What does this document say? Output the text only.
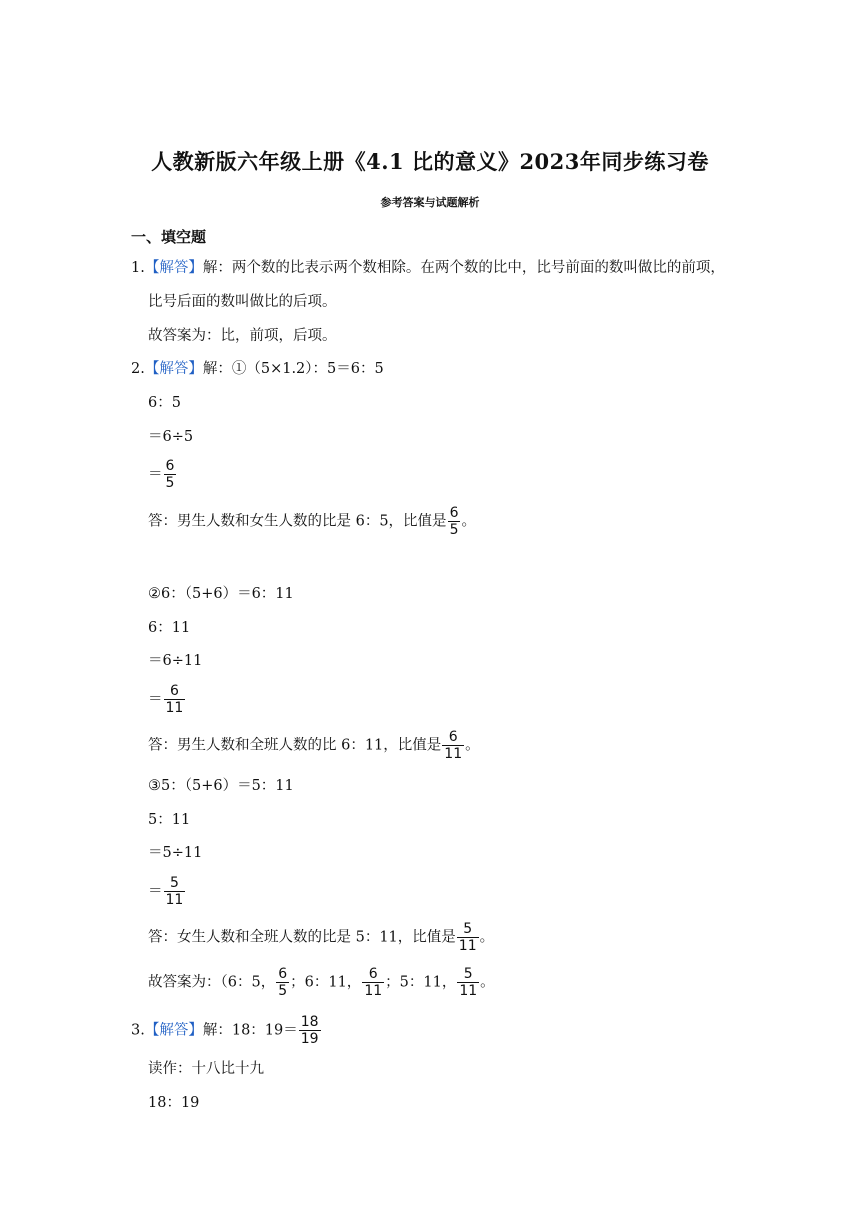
人教新版六年级上册《4.1 比的意义》2023年同步练习卷
参考答案与试题解析
一、填空题
1.【解答】解：两个数的比表示两个数相除。在两个数的比中，比号前面的数叫做比的前项，
比号后面的数叫做比的后项。
故答案为：比，前项，后项。
2.【解答】解：①（5×1.2）：5＝6：5
6：5
＝6÷5
＝ $\frac{6}{5}$
答：男生人数和女生人数的比是 6：5，比值是 $\frac{6}{5}$ 。
②6：（5+6）＝6：11
6：11
＝6÷11
＝ $\frac{6}{11}$
答：男生人数和全班人数的比 6：11，比值是 $\frac{6}{11}$ 。
③5：（5+6）＝5：11
5：11
＝5÷11
＝ $\frac{5}{11}$
答：女生人数和全班人数的比是 5：11，比值是 $\frac{5}{11}$ 。
故答案为：（6：5， $\frac{6}{5}$ ；6：11， $\frac{6}{11}$ ；5：11， $\frac{5}{11}$ 。
3.【解答】解：18：$19= \frac{18}{19}$
读作：十八比十九
18：19
